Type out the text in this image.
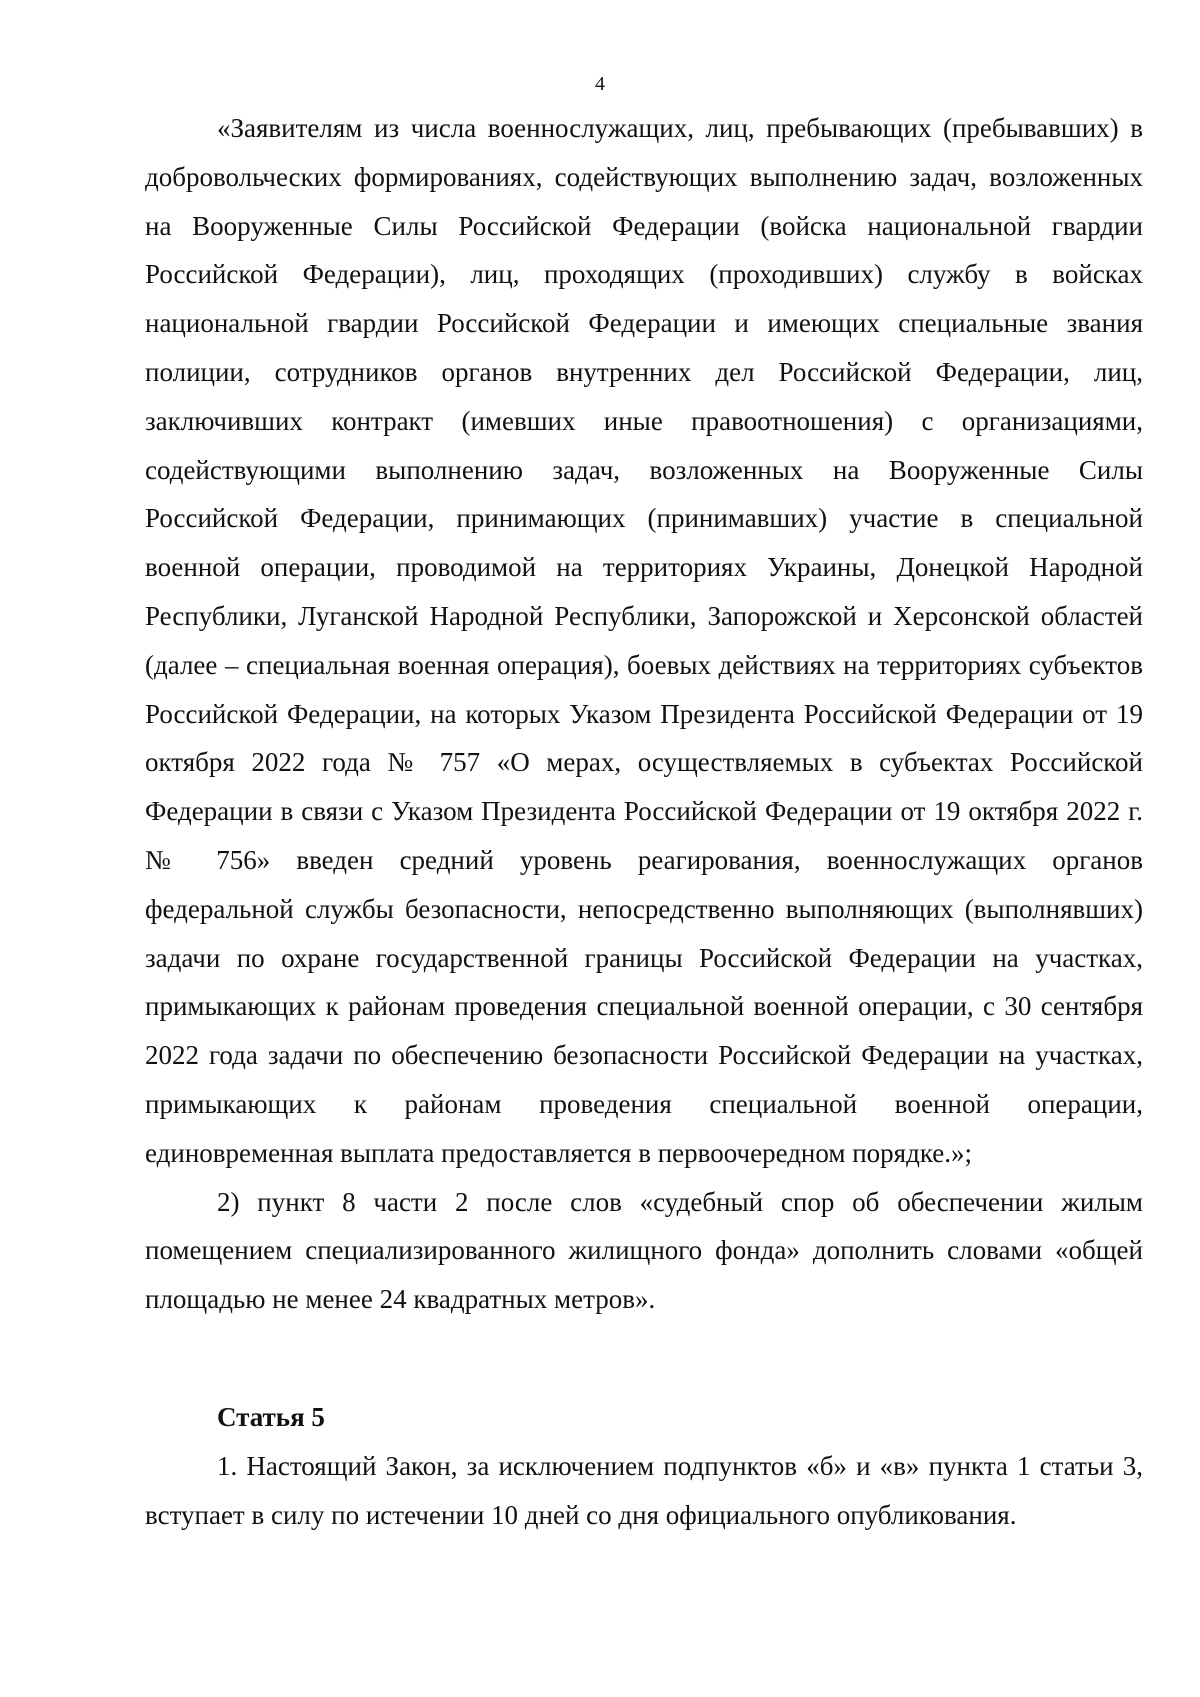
4

«Заявителям из числа военнослужащих, лиц, пребывающих (пребывавших) в добровольческих формированиях, содействующих выполнению задач, возложенных на Вооруженные Силы Российской Федерации (войска национальной гвардии Российской Федерации), лиц, проходящих (проходивших) службу в войсках национальной гвардии Российской Федерации и имеющих специальные звания полиции, сотрудников органов внутренних дел Российской Федерации, лиц, заключивших контракт (имевших иные правоотношения) с организациями, содействующими выполнению задач, возложенных на Вооруженные Силы Российской Федерации, принимающих (принимавших) участие в специальной военной операции, проводимой на территориях Украины, Донецкой Народной Республики, Луганской Народной Республики, Запорожской и Херсонской областей (далее – специальная военная операция), боевых действиях на территориях субъектов Российской Федерации, на которых Указом Президента Российской Федерации от 19 октября 2022 года № 757 «О мерах, осуществляемых в субъектах Российской Федерации в связи с Указом Президента Российской Федерации от 19 октября 2022 г. № 756» введен средний уровень реагирования, военнослужащих органов федеральной службы безопасности, непосредственно выполняющих (выполнявших) задачи по охране государственной границы Российской Федерации на участках, примыкающих к районам проведения специальной военной операции, с 30 сентября 2022 года задачи по обеспечению безопасности Российской Федерации на участках, примыкающих к районам проведения специальной военной операции, единовременная выплата предоставляется в первоочередном порядке.»;

2) пункт 8 части 2 после слов «судебный спор об обеспечении жилым помещением специализированного жилищного фонда» дополнить словами «общей площадью не менее 24 квадратных метров».

Статья 5

1. Настоящий Закон, за исключением подпунктов «б» и «в» пункта 1 статьи 3, вступает в силу по истечении 10 дней со дня официального опубликования.
